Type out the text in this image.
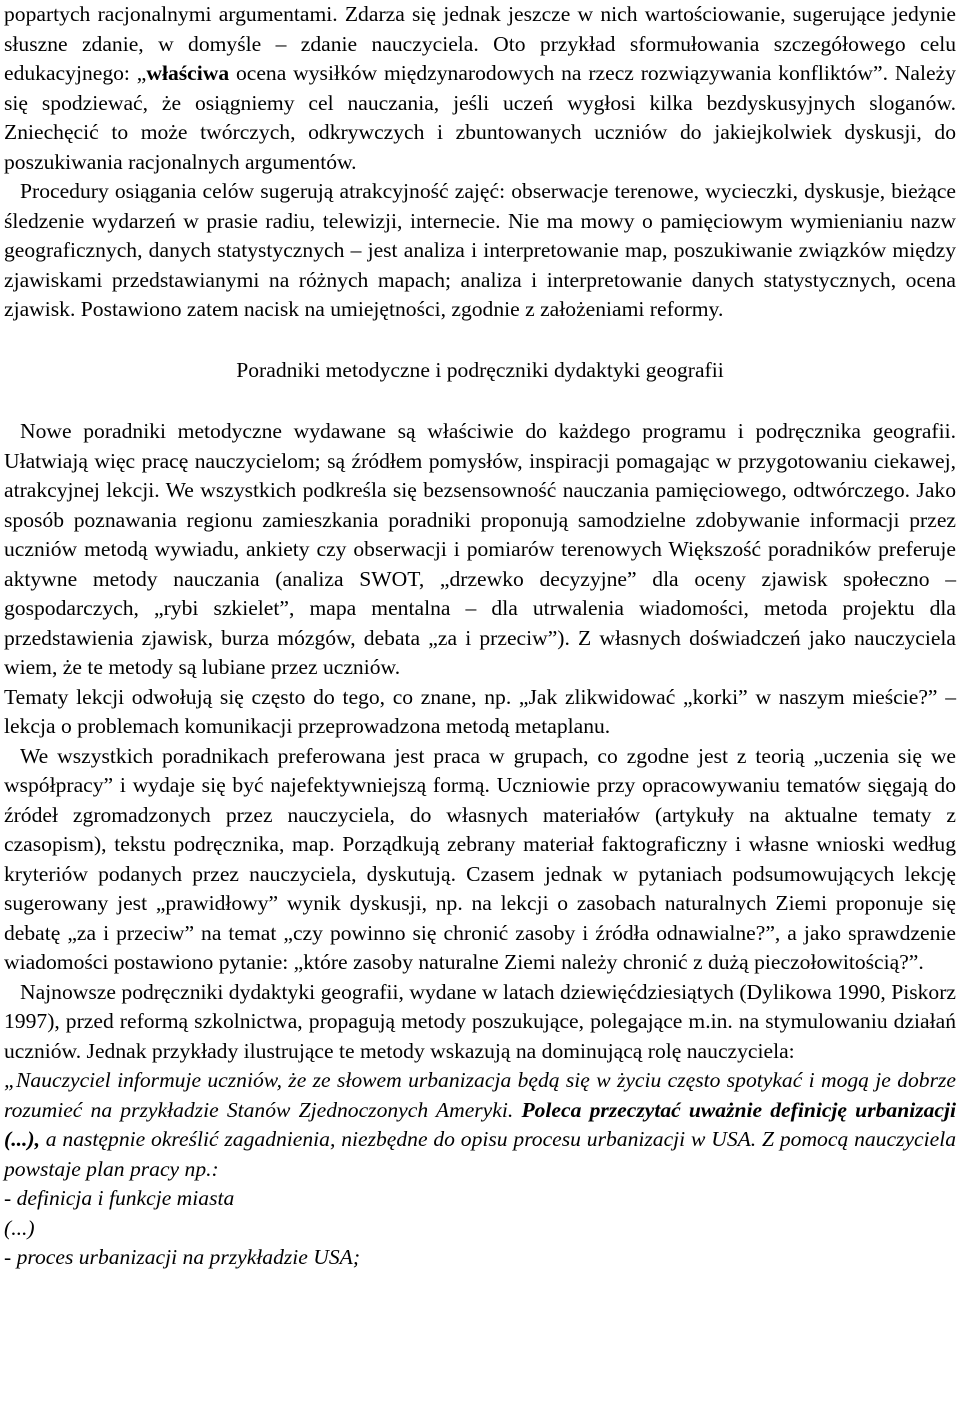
popartych racjonalnymi argumentami. Zdarza się jednak jeszcze w nich wartościowanie, sugerujące jedynie słuszne zdanie, w domyśle – zdanie nauczyciela. Oto przykład sformułowania szczegółowego celu edukacyjnego: „właściwa ocena wysiłków międzynarodowych na rzecz rozwiązywania konfliktów”. Należy się spodziewać, że osiągniemy cel nauczania, jeśli uczeń wygłosi kilka bezdyskusyjnych sloganów. Zniechęcić to może twórczych, odkrywczych i zbuntowanych uczniów do jakiejkolwiek dyskusji, do poszukiwania racjonalnych argumentów.

Procedury osiągania celów sugerują atrakcyjność zajęć: obserwacje terenowe, wycieczki, dyskusje, bieżące śledzenie wydarzeń w prasie radiu, telewizji, internecie. Nie ma mowy o pamięciowym wymienianiu nazw geograficznych, danych statystycznych – jest analiza i interpretowanie map, poszukiwanie związków między zjawiskami przedstawianymi na różnych mapach; analiza i interpretowanie danych statystycznych, ocena zjawisk. Postawiono zatem nacisk na umiejętności, zgodnie z założeniami reformy.

Poradniki metodyczne i podręczniki dydaktyki geografii

Nowe poradniki metodyczne wydawane są właściwie do każdego programu i podręcznika geografii. Ułatwiają więc pracę nauczycielom; są źródłem pomysłów, inspiracji pomagając w przygotowaniu ciekawej, atrakcyjnej lekcji. We wszystkich podkreśla się bezsensowność nauczania pamięciowego, odtwórczego. Jako sposób poznawania regionu zamieszkania poradniki proponują samodzielne zdobywanie informacji przez uczniów metodą wywiadu, ankiety czy obserwacji i pomiarów terenowych Większość poradników preferuje aktywne metody nauczania (analiza SWOT, „drzewko decyzyjne” dla oceny zjawisk społeczno – gospodarczych, „rybi szkielet”, mapa mentalna – dla utrwalenia wiadomości, metoda projektu dla przedstawienia zjawisk, burza mózgów, debata „za i przeciw”). Z własnych doświadczeń jako nauczyciela wiem, że te metody są lubiane przez uczniów.

Tematy lekcji odwołują się często do tego, co znane, np. „Jak zlikwidować „korki” w naszym mieście?” – lekcja o problemach komunikacji przeprowadzona metodą metaplanu.

We wszystkich poradnikach preferowana jest praca w grupach, co zgodne jest z teorią „uczenia się we współpracy” i wydaje się być najefektywniejszą formą. Uczniowie przy opracowywaniu tematów sięgają do źródeł zgromadzonych przez nauczyciela, do własnych materiałów (artykuły na aktualne tematy z czasopism), tekstu podręcznika, map. Porządkują zebrany materiał faktograficzny i własne wnioski według kryteriów podanych przez nauczyciela, dyskutują. Czasem jednak w pytaniach podsumowujących lekcję sugerowany jest „prawidłowy” wynik dyskusji, np. na lekcji o zasobach naturalnych Ziemi proponuje się debatę „za i przeciw” na temat „czy powinno się chronić zasoby i źródła odnawialne?”, a jako sprawdzenie wiadomości postawiono pytanie: „które zasoby naturalne Ziemi należy chronić z dużą pieczołowitością?”.

Najnowsze podręczniki dydaktyki geografii, wydane w latach dziewięćdziesiątych (Dylikowa 1990, Piskorz 1997), przed reformą szkolnictwa, propagują metody poszukujące, polegające m.in. na stymulowaniu działań uczniów. Jednak przykłady ilustrujące te metody wskazują na dominującą rolę nauczyciela:

„Nauczyciel informuje uczniów, że ze słowem urbanizacja będą się w życiu często spotykać i mogą je dobrze rozumieć na przykładzie Stanów Zjednoczonych Ameryki. Poleca przeczytać uważnie definicję urbanizacji (...), a następnie określić zagadnienia, niezbędne do opisu procesu urbanizacji w USA. Z pomocą nauczyciela powstaje plan pracy np.:

- definicja i funkcje miasta

(...)

- proces urbanizacji na przykładzie USA;
